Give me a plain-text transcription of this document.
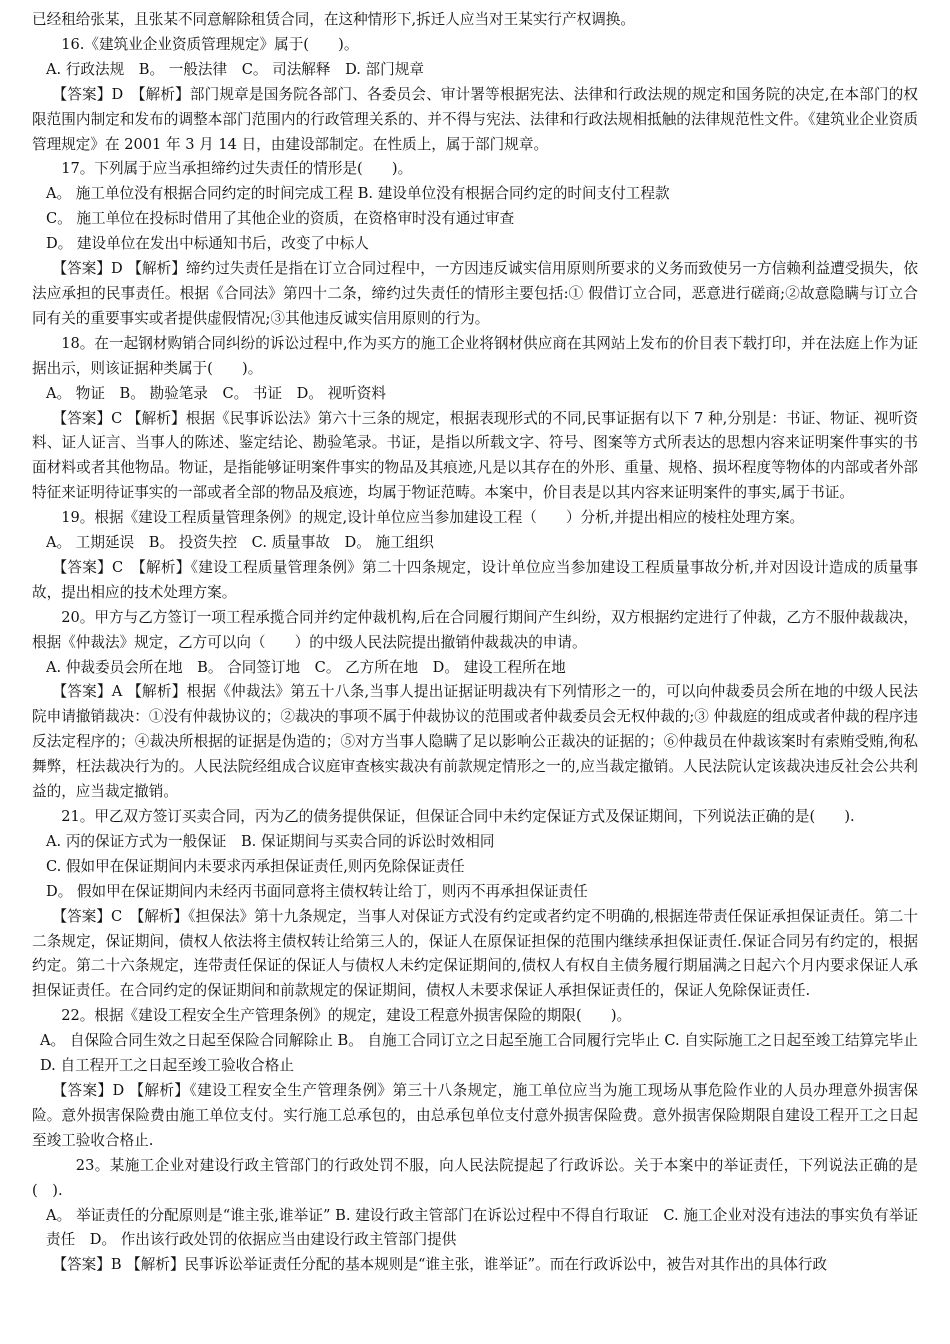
已经租给张某，且张某不同意解除租赁合同，在这种情形下,拆迁人应当对王某实行产权调换。

16.《建筑业企业资质管理规定》属于(　　)。

A. 行政法规　B。 一般法律　C。 司法解释　D. 部门规章

【答案】D　【解析】部门规章是国务院各部门、各委员会、审计署等根据宪法、法律和行政法规的规定和国务院的决定,在本部门的权限范围内制定和发布的调整本部门范围内的行政管理关系的、并不得与宪法、法律和行政法规相抵触的法律规范性文件。《建筑业企业资质管理规定》在 2001 年 3 月 14 日，由建设部制定。在性质上，属于部门规章。

17。下列属于应当承担缔约过失责任的情形是(　　)。

A。 施工单位没有根据合同约定的时间完成工程 B. 建设单位没有根据合同约定的时间支付工程款

C。 施工单位在投标时借用了其他企业的资质，在资格审时没有通过审查

D。 建设单位在发出中标通知书后，改变了中标人

【答案】D 【解析】缔约过失责任是指在订立合同过程中，一方因违反诚实信用原则所要求的义务而致使另一方信赖利益遭受损失，依法应承担的民事责任。根据《合同法》第四十二条，缔约过失责任的情形主要包括:① 假借订立合同，恶意进行磋商;②故意隐瞒与订立合同有关的重要事实或者提供虚假情况;③其他违反诚实信用原则的行为。

18。在一起钢材购销合同纠纷的诉讼过程中,作为买方的施工企业将钢材供应商在其网站上发布的价目表下载打印，并在法庭上作为证据出示，则该证据种类属于(　　)。

A。 物证　B。 勘验笔录　C。 书证　D。 视听资料

【答案】C 【解析】根据《民事诉讼法》第六十三条的规定，根据表现形式的不同,民事证据有以下 7 种,分别是：书证、物证、视听资料、证人证言、当事人的陈述、鉴定结论、勘验笔录。书证，是指以所载文字、符号、图案等方式所表达的思想内容来证明案件事实的书面材料或者其他物品。物证，是指能够证明案件事实的物品及其痕迹,凡是以其存在的外形、重量、规格、损坏程度等物体的内部或者外部特征来证明待证事实的一部或者全部的物品及痕迹，均属于物证范畴。本案中，价目表是以其内容来证明案件的事实,属于书证。

19。根据《建设工程质量管理条例》的规定,设计单位应当参加建设工程（　　）分析,并提出相应的棱柱处理方案。

A。 工期延误　B。 投资失控　C. 质量事故　D。 施工组织

【答案】C　【解析】《建设工程质量管理条例》第二十四条规定，设计单位应当参加建设工程质量事故分析,并对因设计造成的质量事故，提出相应的技术处理方案。

20。甲方与乙方签订一项工程承揽合同并约定仲裁机构,后在合同履行期间产生纠纷，双方根据约定进行了仲裁，乙方不服仲裁裁决，根据《仲裁法》规定，乙方可以向（　　）的中级人民法院提出撤销仲裁裁决的申请。

A. 仲裁委员会所在地　B。 合同签订地　C。 乙方所在地　D。 建设工程所在地

【答案】A 【解析】根据《仲裁法》第五十八条,当事人提出证据证明裁决有下列情形之一的，可以向仲裁委员会所在地的中级人民法院申请撤销裁决：①没有仲裁协议的；②裁决的事项不属于仲裁协议的范围或者仲裁委员会无权仲裁的;③ 仲裁庭的组成或者仲裁的程序违反法定程序的；④裁决所根据的证据是伪造的；⑤对方当事人隐瞒了足以影响公正裁决的证据的；⑥仲裁员在仲裁该案时有索贿受贿,徇私舞弊，枉法裁决行为的。人民法院经组成合议庭审查核实裁决有前款规定情形之一的,应当裁定撤销。人民法院认定该裁决违反社会公共利益的，应当裁定撤销。

21。甲乙双方签订买卖合同，丙为乙的债务提供保证，但保证合同中未约定保证方式及保证期间，下列说法正确的是(　　).

A. 丙的保证方式为一般保证　B. 保证期间与买卖合同的诉讼时效相同

C. 假如甲在保证期间内未要求丙承担保证责任,则丙免除保证责任

D。 假如甲在保证期间内未经丙书面同意将主债权转让给丁，则丙不再承担保证责任

【答案】C　【解析】《担保法》第十九条规定，当事人对保证方式没有约定或者约定不明确的,根据连带责任保证承担保证责任。第二十二条规定，保证期间，债权人依法将主债权转让给第三人的，保证人在原保证担保的范围内继续承担保证责任.保证合同另有约定的，根据约定。第二十六条规定，连带责任保证的保证人与债权人未约定保证期间的,债权人有权自主债务履行期届满之日起六个月内要求保证人承担保证责任。在合同约定的保证期间和前款规定的保证期间，债权人未要求保证人承担保证责任的，保证人免除保证责任.

22。根据《建设工程安全生产管理条例》的规定，建设工程意外损害保险的期限(　　)。

A。 自保险合同生效之日起至保险合同解除止 B。 自施工合同订立之日起至施工合同履行完毕止 C. 自实际施工之日起至竣工结算完毕止 D. 自工程开工之日起至竣工验收合格止

【答案】D 【解析】《建设工程安全生产管理条例》第三十八条规定，施工单位应当为施工现场从事危险作业的人员办理意外损害保险。意外损害保险费由施工单位支付。实行施工总承包的，由总承包单位支付意外损害保险费。意外损害保险期限自建设工程开工之日起至竣工验收合格止.

23。某施工企业对建设行政主管部门的行政处罚不服，向人民法院提起了行政诉讼。关于本案中的举证责任，下列说法正确的是(　).

A。 举证责任的分配原则是“谁主张,谁举证” B. 建设行政主管部门在诉讼过程中不得自行取证　C. 施工企业对没有违法的事实负有举证责任　D。 作出该行政处罚的依据应当由建设行政主管部门提供

【答案】B 【解析】民事诉讼举证责任分配的基本规则是“谁主张，谁举证”。而在行政诉讼中，被告对其作出的具体行政
